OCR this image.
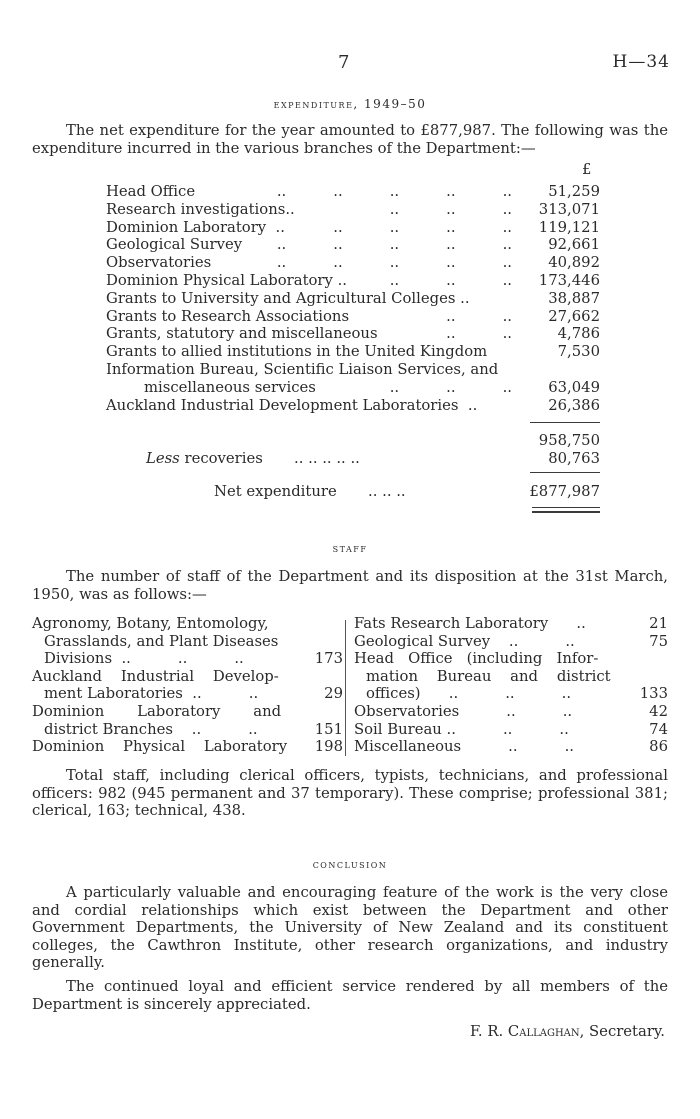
7	H—34
expenditure, 1949–50
The net expenditure for the year amounted to £877,987. The following was the expenditure incurred in the various branches of the Department:—
£
Head Office	..          ..          ..          ..          .. 51,259
Research investigations..	..          ..          .. 313,071
Dominion Laboratory  ..	..          ..          ..          .. 119,121
Geological Survey ..          ..          ..          ..          .. 92,661
Observatories	..          ..          ..          ..          .. 40,892
Dominion Physical Laboratory ..	..          ..          .. 173,446
Grants to University and Agricultural Colleges ..	38,887
Grants to Research Associations	..          .. 27,662
Grants, statutory and miscellaneous	..          ..	4,786
Grants to allied institutions in the United Kingdom	7,530
Information Bureau, Scientific Liaison Services, and
miscellaneous services	..          ..          .. 63,049
Auckland Industrial Development Laboratories  ..	26,386
958,750
Less recoveries .. .. .. .. ..	80,763
Net expenditure .. .. ..	£877,987
staff
The number of staff of the Department and its disposition at the 31st March, 1950, was as follows:—
Agronomy, Botany, Entomology,
Grasslands, and Plant Diseases
Divisions  ..          ..          ..	173
Auckland    Industrial    Develop-
ment Laboratories  ..          ..	29
Dominion       Laboratory       and
district Branches    ..          ..	151
Dominion    Physical    Laboratory 198
Fats Research Laboratory      ..	21
Geological Survey    ..          ..	75
Head   Office   (including   Infor-
mation    Bureau    and    district
offices)      ..          ..          ..	133
Observatories          ..          ..	42
Soil Bureau ..          ..          ..	74
Miscellaneous          ..          ..	86
Total staff, including clerical officers, typists, technicians, and professional officers: 982 (945 permanent and 37 temporary). These comprise; professional 381; clerical, 163; technical, 438.
conclusion
A particularly valuable and encouraging feature of the work is the very close and cordial relationships which exist between the Department and other Government Departments, the University of New Zealand and its constituent colleges, the Cawthron Institute, other research organizations, and industry generally.
The continued loyal and efficient service rendered by all members of the Department is sincerely appreciated.
F. R. Callaghan, Secretary.
